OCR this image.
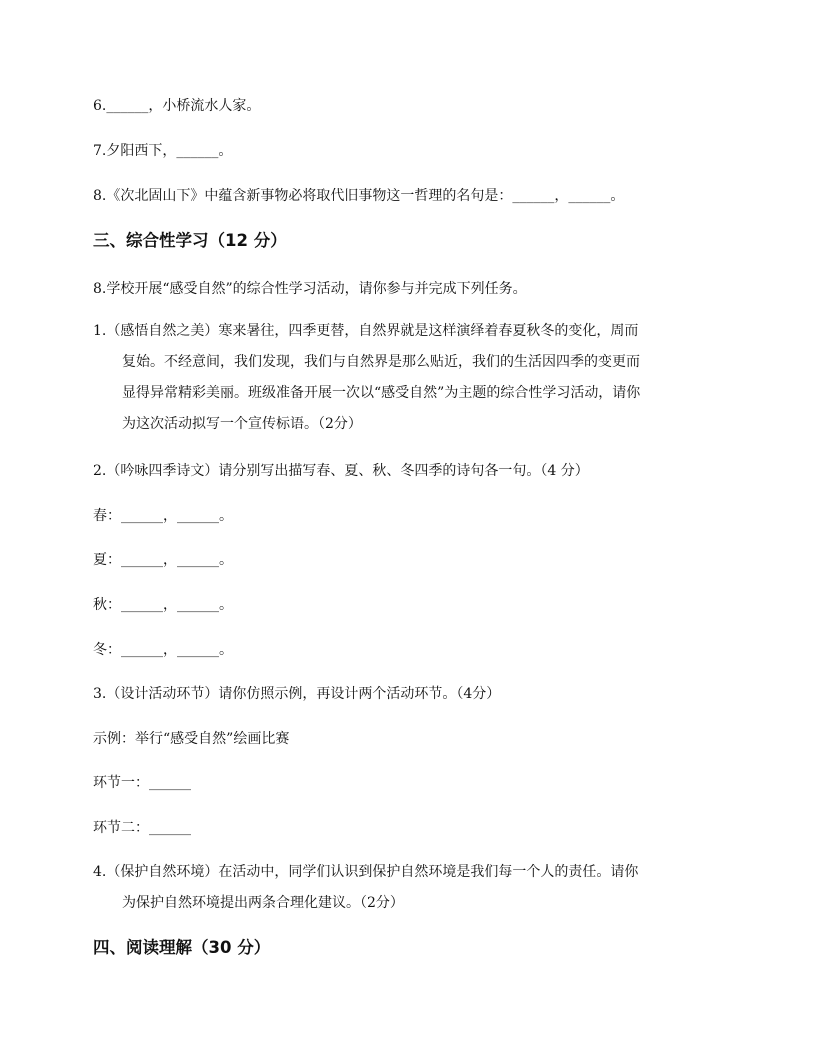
6.______，小桥流水人家。
7.夕阳西下，______。
8.《次北固山下》中蕴含新事物必将取代旧事物这一哲理的名句是：______，______。
三、综合性学习（12 分）
8.学校开展“感受自然”的综合性学习活动，请你参与并完成下列任务。
1.（感悟自然之美）寒来暑往，四季更替，自然界就是这样演绎着春夏秋冬的变化，周而
复始。不经意间，我们发现，我们与自然界是那么贴近，我们的生活因四季的变更而
显得异常精彩美丽。班级准备开展一次以“感受自然”为主题的综合性学习活动，请你
为这次活动拟写一个宣传标语。（2分）
2.（吟咏四季诗文）请分别写出描写春、夏、秋、冬四季的诗句各一句。（4 分）
春：______，______。
夏：______，______。
秋：______，______。
冬：______，______。
3.（设计活动环节）请你仿照示例，再设计两个活动环节。（4分）
示例：举行“感受自然”绘画比赛
环节一：______
环节二：______
4.（保护自然环境）在活动中，同学们认识到保护自然环境是我们每一个人的责任。请你
为保护自然环境提出两条合理化建议。（2分）
四、阅读理解（30 分）
